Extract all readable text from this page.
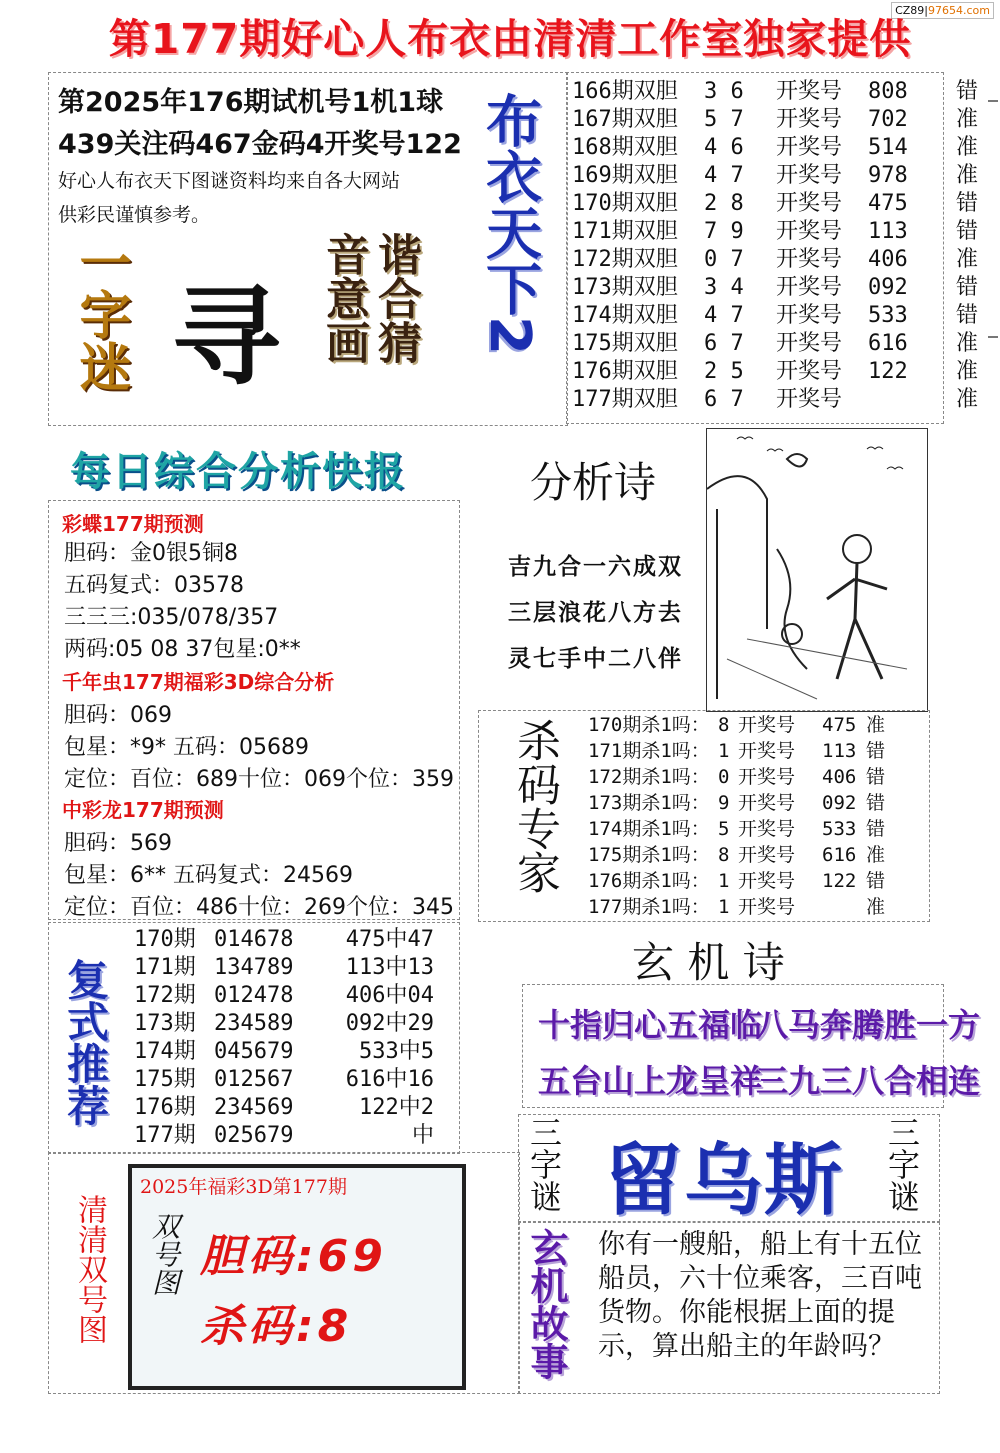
CZ89|97654.com
第177期好心人布衣由清清工作室独家提供
第2025年176期试机号1机1球
439关注码467金码4开奖号122
好心人布衣天下图谜资料均来自各大网站
供彩民谨慎参考。	布衣天下2
一字迷 寻 谐合猜
音意画
166期双胆 3 6 开奖号 808 错
167期双胆 5 7 开奖号 702 准
168期双胆 4 6 开奖号 514 准
169期双胆 4 7 开奖号 978 准
170期双胆 2 8 开奖号 475 错
171期双胆 7 9 开奖号 113 错
172期双胆 0 7 开奖号 406 准
173期双胆 3 4 开奖号 092 错
174期双胆 4 7 开奖号 533 错
175期双胆 6 7 开奖号 616 准
176期双胆 2 5 开奖号 122 准
177期双胆 6 7 开奖号	准
每日综合分析快报
彩蝶177期预测
胆码：金0银5铜8
五码复式：03578
三三三:035/078/357
两码:05 08 37包星:0**
千年虫177期福彩3D综合分析
胆码：069
包星：*9* 五码：05689
定位：百位：689十位：069个位：359
中彩龙177期预测
胆码：569
包星：6** 五码复式：24569
定位：百位：486十位：269个位：345
分析诗
吉九合一六成双
三层浪花八方去
灵七手中二八伴
杀码专家 170期杀1吗： 8 开奖号 475 准
171期杀1吗： 1 开奖号 113 错
172期杀1吗： 0 开奖号 406 错
173期杀1吗： 9 开奖号 092 错
174期杀1吗： 5 开奖号 533 错
175期杀1吗： 8 开奖号 616 准
176期杀1吗： 1 开奖号 122 错
177期杀1吗： 1 开奖号	准
复式推荐
170期 014678 475中47
171期 134789 113中13
172期 012478 406中04
173期 234589 092中29
174期 045679	533中5
175期 012567 616中16
176期 234569	122中2
177期 025679	中
玄 机 诗
十指归心五福临
八马奔腾胜一方
五台山上龙呈祥
三九三八合相连
三字谜	三字谜
留乌斯
清清双号图
2025年福彩3D第177期
双号图 胆码:69
杀码:8	玄机故事 你有一艘船，船上有十五位船员，六十位乘客，三百吨货物。你能根据上面的提示，算出船主的年龄吗？
